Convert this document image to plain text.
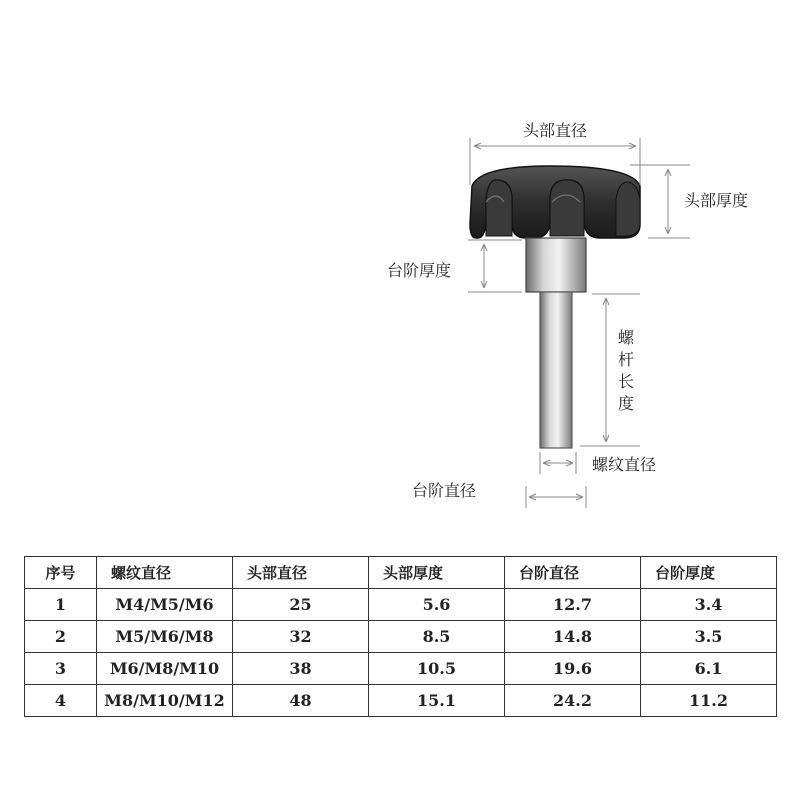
头部直径
头部厚度
台阶厚度
螺
杆
长
度
螺纹直径
台阶直径
序号	螺纹直径	头部直径	头部厚度	台阶直径	台阶厚度
1	M4/M5/M6	25	5.6	12.7	3.4
2	M5/M6/M8	32	8.5	14.8	3.5
3	M6/M8/M10	38	10.5	19.6	6.1
4	M8/M10/M12	48	15.1	24.2	11.2
